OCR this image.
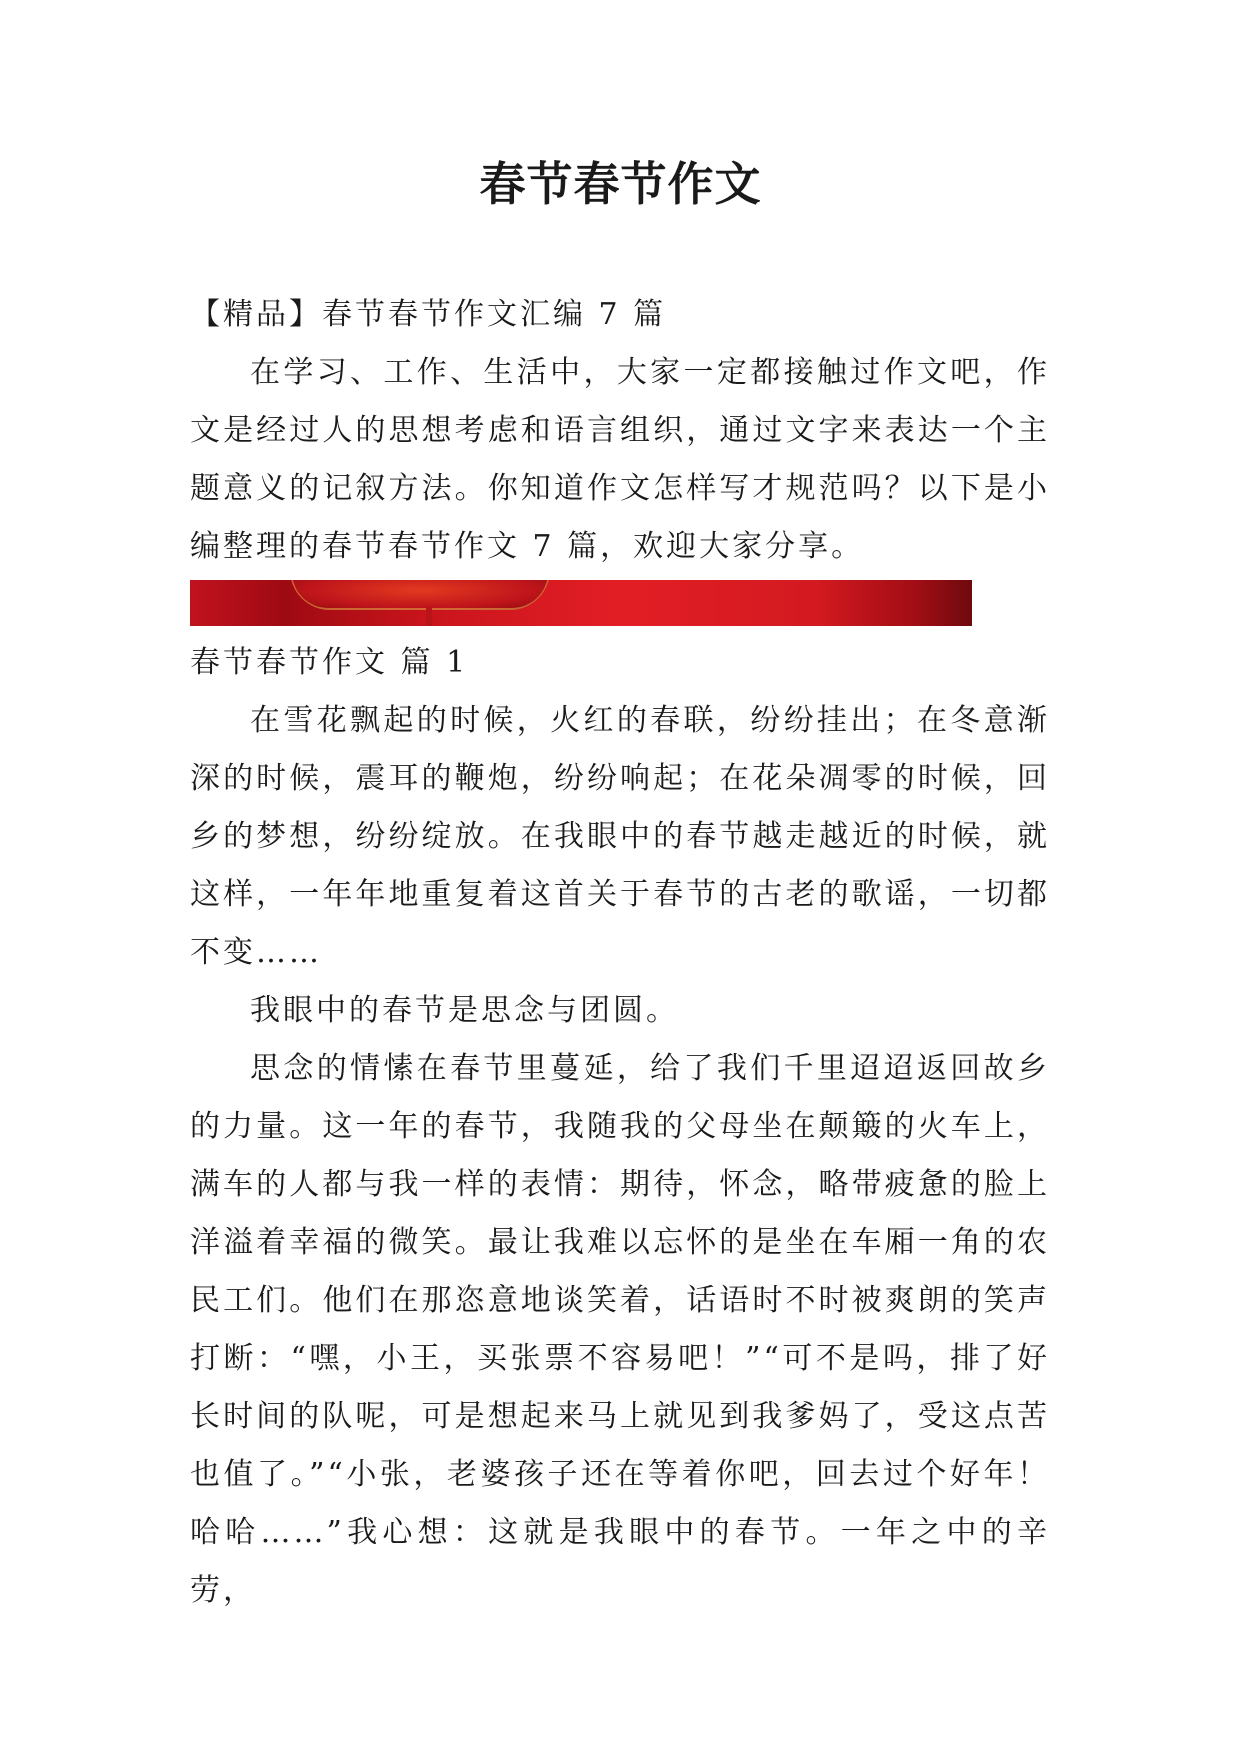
春节春节作文

【精品】春节春节作文汇编 7 篇

在学习、工作、生活中，大家一定都接触过作文吧，作文是经过人的思想考虑和语言组织，通过文字来表达一个主题意义的记叙方法。你知道作文怎样写才规范吗？以下是小编整理的春节春节作文 7 篇，欢迎大家分享。

春节春节作文 篇 1

在雪花飘起的时候，火红的春联，纷纷挂出；在冬意渐深的时候，震耳的鞭炮，纷纷响起；在花朵凋零的时候，回乡的梦想，纷纷绽放。在我眼中的春节越走越近的时候，就这样，一年年地重复着这首关于春节的古老的歌谣，一切都不变……

我眼中的春节是思念与团圆。

思念的情愫在春节里蔓延，给了我们千里迢迢返回故乡的力量。这一年的春节，我随我的父母坐在颠簸的火车上，满车的人都与我一样的表情：期待，怀念，略带疲惫的脸上洋溢着幸福的微笑。最让我难以忘怀的是坐在车厢一角的农民工们。他们在那恣意地谈笑着，话语时不时被爽朗的笑声打断：“嘿，小王，买张票不容易吧！”“可不是吗，排了好长时间的队呢，可是想起来马上就见到我爹妈了，受这点苦也值了。”“小张，老婆孩子还在等着你吧，回去过个好年！哈哈……”我心想：这就是我眼中的春节。一年之中的辛劳，
